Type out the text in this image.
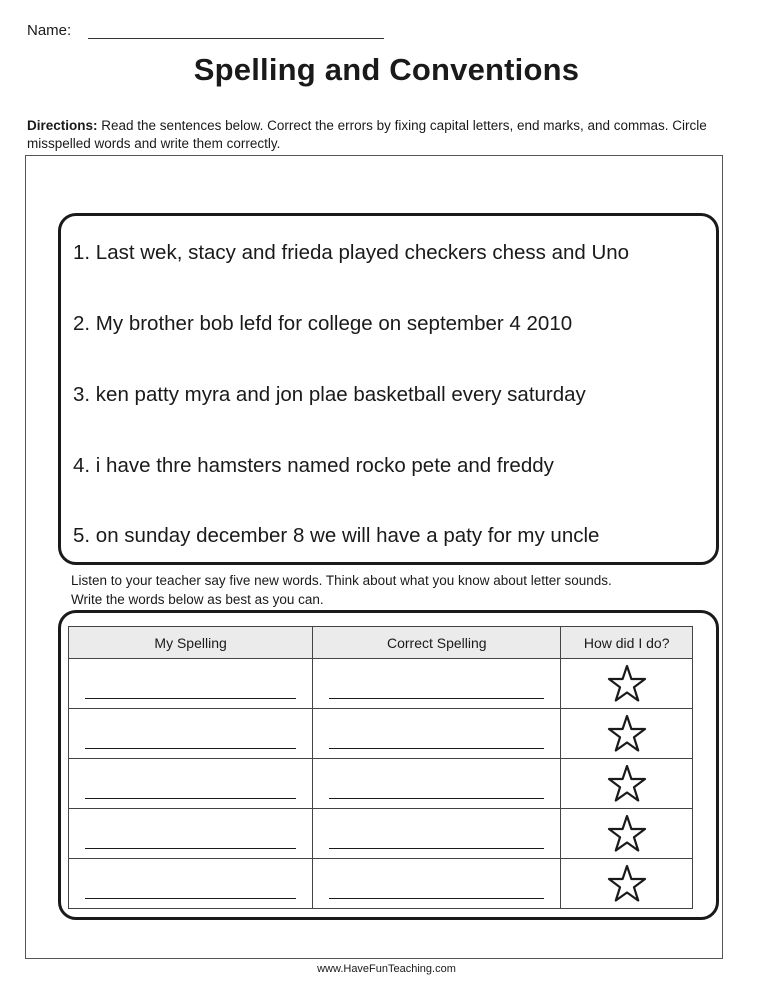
Name:
Spelling and Conventions
Directions: Read the sentences below. Correct the errors by fixing capital letters, end marks, and commas. Circle misspelled words and write them correctly.

1. Last wek, stacy and frieda played checkers chess and Uno

2. My brother bob lefd for college on september 4 2010

3. ken patty myra and jon plae basketball every saturday

4. i have thre hamsters named rocko pete and freddy

5. on sunday december 8 we will have a paty for my uncle

Listen to your teacher say five new words. Think about what you know about letter sounds.
Write the words below as best as you can.
My Spelling	Correct Spelling	How did I do?

www.HaveFunTeaching.com
